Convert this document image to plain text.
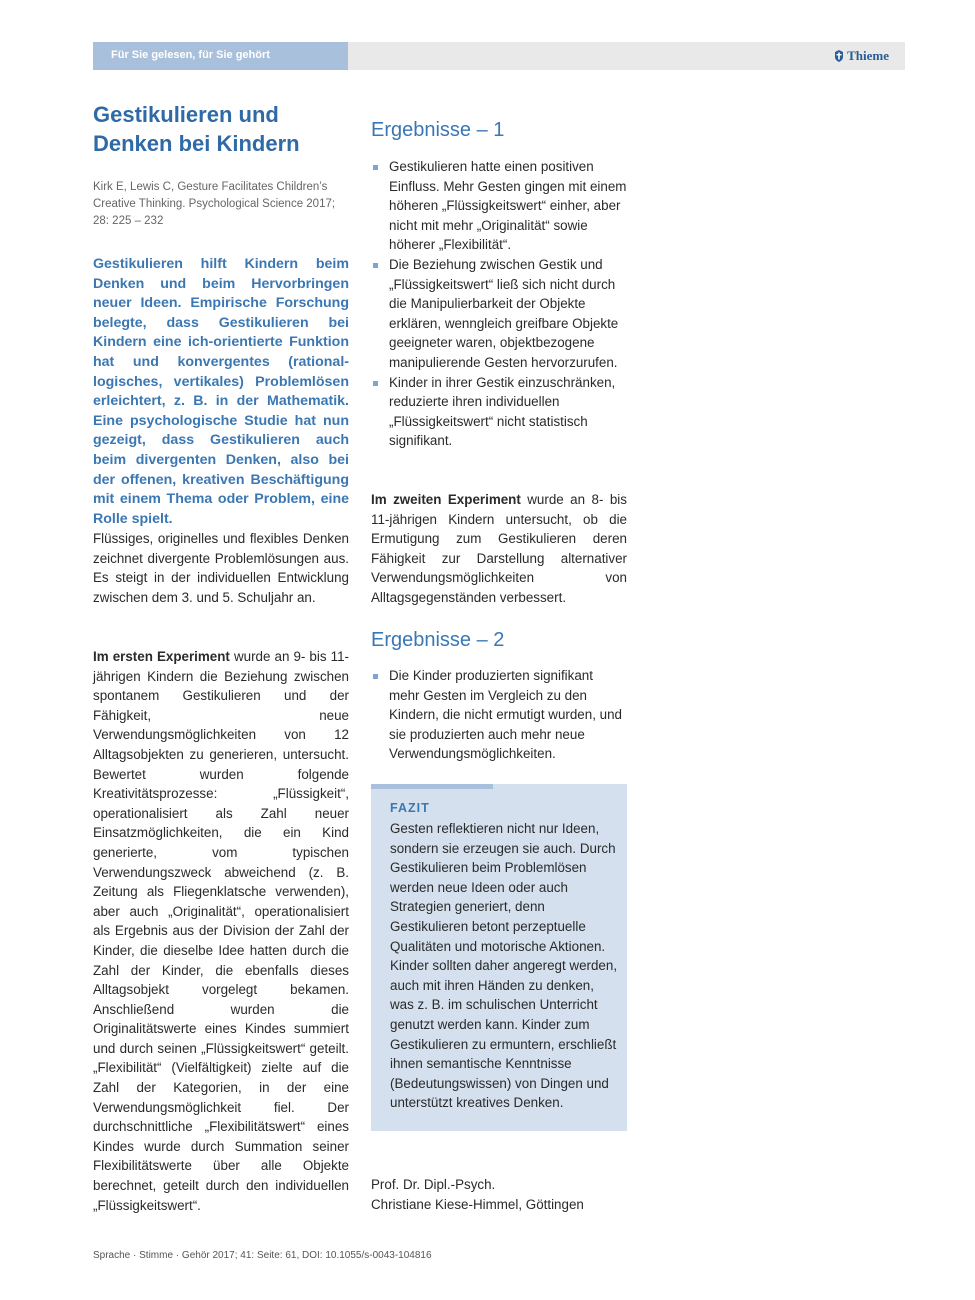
Für Sie gelesen, für Sie gehört	Thieme
Gestikulieren und
Denken bei Kindern

Kirk E, Lewis C, Gesture Facilitates Children’s Creative Thinking. Psychological Science 2017; 28: 225 – 232

Gestikulieren hilft Kindern beim Denken und beim Hervorbringen neuer Ideen. Empirische Forschung belegte, dass Gestikulieren bei Kindern eine ich-orientierte Funktion hat und konvergentes (rational-logisches, vertikales) Problemlösen erleichtert, z. B. in der Mathematik. Eine psychologische Studie hat nun gezeigt, dass Gestikulieren auch beim divergenten Denken, also bei der offenen, kreativen Beschäftigung mit einem Thema oder Problem, eine Rolle spielt.

Flüssiges, originelles und flexibles Denken zeichnet divergente Problemlösungen aus. Es steigt in der individuellen Entwicklung zwischen dem 3. und 5. Schuljahr an.

Im ersten Experiment wurde an 9- bis 11-jährigen Kindern die Beziehung zwischen spontanem Gestikulieren und der Fähigkeit, neue Verwendungsmöglichkeiten von 12 Alltagsobjekten zu generieren, untersucht. Bewertet wurden folgende Kreativitätsprozesse: „Flüssigkeit“, operationalisiert als Zahl neuer Einsatzmöglichkeiten, die ein Kind generierte, vom typischen Verwendungszweck abweichend (z. B. Zeitung als Fliegenklatsche verwenden), aber auch „Originalität“, operationalisiert als Ergebnis aus der Division der Zahl der Kinder, die dieselbe Idee hatten durch die Zahl der Kinder, die ebenfalls dieses Alltagsobjekt vorgelegt bekamen. Anschließend wurden die Originalitätswerte eines Kindes summiert und durch seinen „Flüssigkeitswert“ geteilt. „Flexibilität“ (Vielfältigkeit) zielte auf die Zahl der Kategorien, in der eine Verwendungsmöglichkeit fiel. Der durchschnittliche „Flexibilitätswert“ eines Kindes wurde durch Summation seiner Flexibilitätswerte über alle Objekte berechnet, geteilt durch den individuellen „Flüssigkeitswert“.

Ergebnisse – 1
Gestikulieren hatte einen positiven Einfluss. Mehr Gesten gingen mit einem höheren „Flüssigkeitswert“ einher, aber nicht mit mehr „Originalität“ sowie höherer „Flexibilität“.
Die Beziehung zwischen Gestik und „Flüssigkeitswert“ ließ sich nicht durch die Manipulierbarkeit der Objekte erklären, wenngleich greifbare Objekte geeigneter waren, objektbezogene manipulierende Gesten hervorzurufen.
Kinder in ihrer Gestik einzuschränken, reduzierte ihren individuellen „Flüssigkeitswert“ nicht statistisch signifikant.

Im zweiten Experiment wurde an 8- bis 11-jährigen Kindern untersucht, ob die Ermutigung zum Gestikulieren deren Fähigkeit zur Darstellung alternativer Verwendungsmöglichkeiten von Alltagsgegenständen verbessert.

Ergebnisse – 2
Die Kinder produzierten signifikant mehr Gesten im Vergleich zu den Kindern, die nicht ermutigt wurden, und sie produzierten auch mehr neue Verwendungsmöglichkeiten.
FAZIT

Gesten reflektieren nicht nur Ideen, sondern sie erzeugen sie auch. Durch Gestikulieren beim Problemlösen werden neue Ideen oder auch Strategien generiert, denn Gestikulieren betont perzeptuelle Qualitäten und motorische Aktionen. Kinder sollten daher angeregt werden, auch mit ihren Händen zu denken, was z. B. im schulischen Unterricht genutzt werden kann. Kinder zum Gestikulieren zu ermuntern, erschließt ihnen semantische Kenntnisse (Bedeutungswissen) von Dingen und unterstützt kreatives Denken.

Prof. Dr. Dipl.-Psych.
Christiane Kiese-Himmel, Göttingen

Sprache · Stimme · Gehör 2017; 41: Seite: 61, DOI: 10.1055/s-0043-104816
